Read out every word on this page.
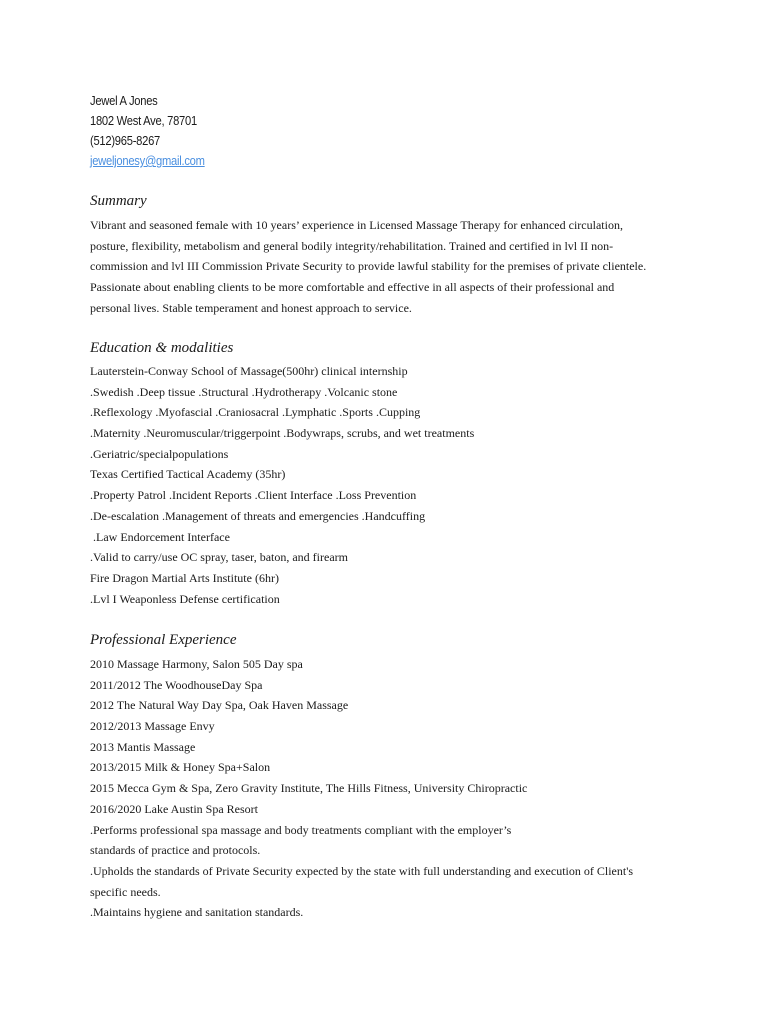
Jewel A Jones
1802 West Ave, 78701
(512)965-8267
jeweljonesy@gmail.com
Summary
Vibrant and seasoned female with 10 years’ experience in Licensed Massage Therapy for enhanced circulation,
posture, flexibility, metabolism and general bodily integrity/rehabilitation. Trained and certified in lvl II non-
commission and lvl III Commission Private Security to provide lawful stability for the premises of private clientele.
Passionate about enabling clients to be more comfortable and effective in all aspects of their professional and
personal lives. Stable temperament and honest approach to service.
Education & modalities
Lauterstein-Conway School of Massage(500hr) clinical internship
.Swedish .Deep tissue .Structural .Hydrotherapy .Volcanic stone
.Reflexology .Myofascial .Craniosacral .Lymphatic .Sports .Cupping
.Maternity .Neuromuscular/triggerpoint .Bodywraps, scrubs, and wet treatments
.Geriatric/specialpopulations
Texas Certified Tactical Academy (35hr)
.Property Patrol .Incident Reports .Client Interface .Loss Prevention
.De-escalation .Management of threats and emergencies .Handcuffing
.Law Endorcement Interface
.Valid to carry/use OC spray, taser, baton, and firearm
Fire Dragon Martial Arts Institute (6hr)
.Lvl I Weaponless Defense certification
Professional Experience
2010 Massage Harmony, Salon 505 Day spa
2011/2012 The WoodhouseDay Spa
2012 The Natural Way Day Spa, Oak Haven Massage
2012/2013 Massage Envy
2013 Mantis Massage
2013/2015 Milk & Honey Spa+Salon
2015 Mecca Gym & Spa, Zero Gravity Institute, The Hills Fitness, University Chiropractic
2016/2020 Lake Austin Spa Resort
.Performs professional spa massage and body treatments compliant with the employer’s
standards of practice and protocols.
.Upholds the standards of Private Security expected by the state with full understanding and execution of Client's
specific needs.
.Maintains hygiene and sanitation standards.
